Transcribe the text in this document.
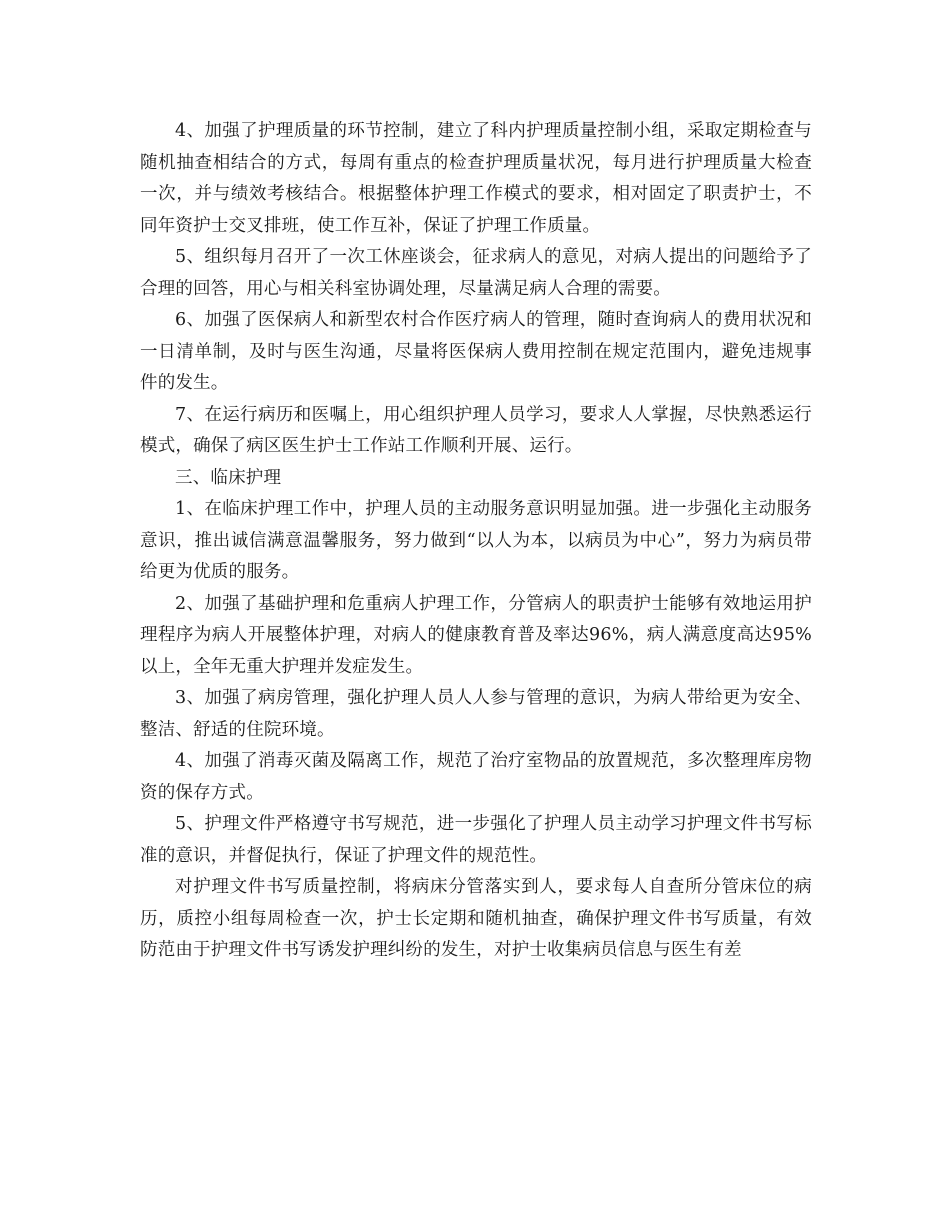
4、加强了护理质量的环节控制，建立了科内护理质量控制小组，采取定期检查与随机抽查相结合的方式，每周有重点的检查护理质量状况，每月进行护理质量大检查一次，并与绩效考核结合。根据整体护理工作模式的要求，相对固定了职责护士，不同年资护士交叉排班，使工作互补，保证了护理工作质量。

5、组织每月召开了一次工休座谈会，征求病人的意见，对病人提出的问题给予了合理的回答，用心与相关科室协调处理，尽量满足病人合理的需要。

6、加强了医保病人和新型农村合作医疗病人的管理，随时查询病人的费用状况和一日清单制，及时与医生沟通，尽量将医保病人费用控制在规定范围内，避免违规事件的发生。

7、在运行病历和医嘱上，用心组织护理人员学习，要求人人掌握，尽快熟悉运行模式，确保了病区医生护士工作站工作顺利开展、运行。

三、临床护理

1、在临床护理工作中，护理人员的主动服务意识明显加强。进一步强化主动服务意识，推出诚信满意温馨服务，努力做到“以人为本，以病员为中心”，努力为病员带给更为优质的服务。

2、加强了基础护理和危重病人护理工作，分管病人的职责护士能够有效地运用护理程序为病人开展整体护理，对病人的健康教育普及率达96%，病人满意度高达95%以上，全年无重大护理并发症发生。

3、加强了病房管理，强化护理人员人人参与管理的意识，为病人带给更为安全、整洁、舒适的住院环境。

4、加强了消毒灭菌及隔离工作，规范了治疗室物品的放置规范，多次整理库房物资的保存方式。

5、护理文件严格遵守书写规范，进一步强化了护理人员主动学习护理文件书写标准的意识，并督促执行，保证了护理文件的规范性。

对护理文件书写质量控制，将病床分管落实到人，要求每人自查所分管床位的病历，质控小组每周检查一次，护士长定期和随机抽查，确保护理文件书写质量，有效防范由于护理文件书写诱发护理纠纷的发生，对护士收集病员信息与医生有差
